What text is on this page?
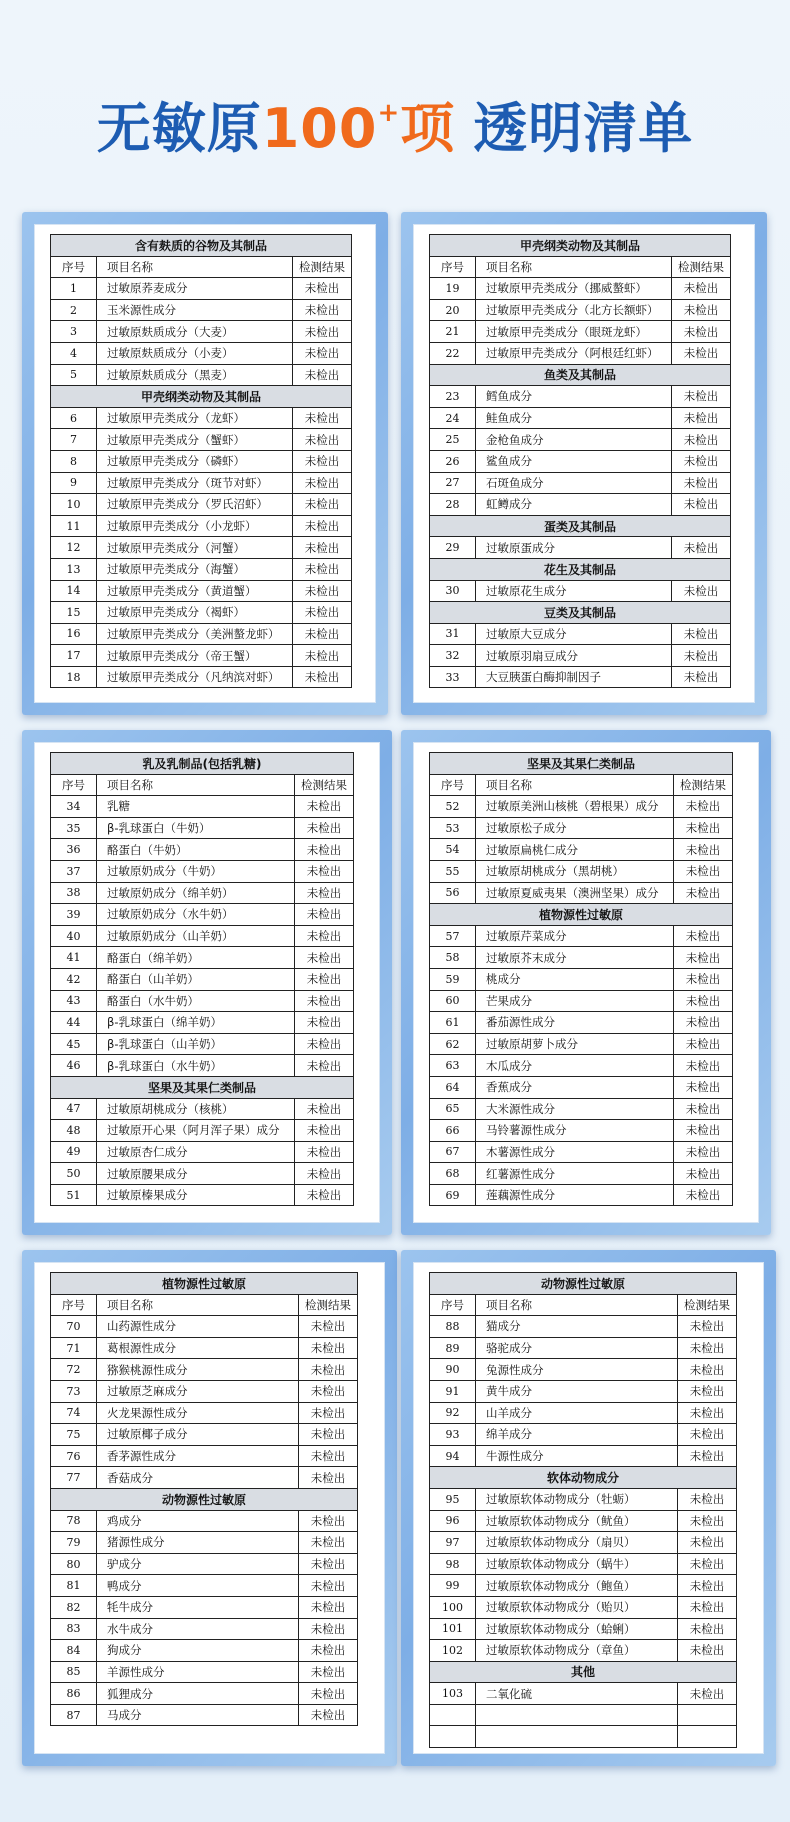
无敏原100+项 透明清单
含有麸质的谷物及其制品		
序号	项目名称	检测结果
1	过敏原荞麦成分	未检出
2	玉米源性成分	未检出
3	过敏原麸质成分（大麦）	未检出
4	过敏原麸质成分（小麦）	未检出
5	过敏原麸质成分（黑麦）	未检出
甲壳纲类动物及其制品		
6	过敏原甲壳类成分（龙虾）	未检出
7	过敏原甲壳类成分（蟹虾）	未检出
8	过敏原甲壳类成分（磷虾）	未检出
9	过敏原甲壳类成分（斑节对虾）	未检出
10	过敏原甲壳类成分（罗氏沼虾）	未检出
11	过敏原甲壳类成分（小龙虾）	未检出
12	过敏原甲壳类成分（河蟹）	未检出
13	过敏原甲壳类成分（海蟹）	未检出
14	过敏原甲壳类成分（黄道蟹）	未检出
15	过敏原甲壳类成分（褐虾）	未检出
16	过敏原甲壳类成分（美洲螯龙虾）	未检出
17	过敏原甲壳类成分（帝王蟹）	未检出
18	过敏原甲壳类成分（凡纳滨对虾）	未检出
甲壳纲类动物及其制品		
序号	项目名称	检测结果
19	过敏原甲壳类成分（挪威螯虾）	未检出
20	过敏原甲壳类成分（北方长额虾）	未检出
21	过敏原甲壳类成分（眼斑龙虾）	未检出
22	过敏原甲壳类成分（阿根廷红虾）	未检出
鱼类及其制品		
23	鳕鱼成分	未检出
24	鲑鱼成分	未检出
25	金枪鱼成分	未检出
26	鲨鱼成分	未检出
27	石斑鱼成分	未检出
28	虹鳟成分	未检出
蛋类及其制品		
29	过敏原蛋成分	未检出
花生及其制品		
30	过敏原花生成分	未检出
豆类及其制品		
31	过敏原大豆成分	未检出
32	过敏原羽扇豆成分	未检出
33	大豆胰蛋白酶抑制因子	未检出
乳及乳制品(包括乳糖)		
序号	项目名称	检测结果
34	乳糖	未检出
35	β-乳球蛋白（牛奶）	未检出
36	酪蛋白（牛奶）	未检出
37	过敏原奶成分（牛奶）	未检出
38	过敏原奶成分（绵羊奶）	未检出
39	过敏原奶成分（水牛奶）	未检出
40	过敏原奶成分（山羊奶）	未检出
41	酪蛋白（绵羊奶）	未检出
42	酪蛋白（山羊奶）	未检出
43	酪蛋白（水牛奶）	未检出
44	β-乳球蛋白（绵羊奶）	未检出
45	β-乳球蛋白（山羊奶）	未检出
46	β-乳球蛋白（水牛奶）	未检出
坚果及其果仁类制品		
47	过敏原胡桃成分（核桃）	未检出
48	过敏原开心果（阿月浑子果）成分	未检出
49	过敏原杏仁成分	未检出
50	过敏原腰果成分	未检出
51	过敏原榛果成分	未检出
坚果及其果仁类制品		
序号	项目名称	检测结果
52	过敏原美洲山核桃（碧根果）成分	未检出
53	过敏原松子成分	未检出
54	过敏原扁桃仁成分	未检出
55	过敏原胡桃成分（黑胡桃）	未检出
56	过敏原夏威夷果（澳洲坚果）成分	未检出
植物源性过敏原		
57	过敏原芹菜成分	未检出
58	过敏原芥末成分	未检出
59	桃成分	未检出
60	芒果成分	未检出
61	番茄源性成分	未检出
62	过敏原胡萝卜成分	未检出
63	木瓜成分	未检出
64	香蕉成分	未检出
65	大米源性成分	未检出
66	马铃薯源性成分	未检出
67	木薯源性成分	未检出
68	红薯源性成分	未检出
69	莲藕源性成分	未检出
植物源性过敏原		
序号	项目名称	检测结果
70	山药源性成分	未检出
71	葛根源性成分	未检出
72	猕猴桃源性成分	未检出
73	过敏原芝麻成分	未检出
74	火龙果源性成分	未检出
75	过敏原椰子成分	未检出
76	香茅源性成分	未检出
77	香菇成分	未检出
动物源性过敏原		
78	鸡成分	未检出
79	猪源性成分	未检出
80	驴成分	未检出
81	鸭成分	未检出
82	牦牛成分	未检出
83	水牛成分	未检出
84	狗成分	未检出
85	羊源性成分	未检出
86	狐狸成分	未检出
87	马成分	未检出
动物源性过敏原		
序号	项目名称	检测结果
88	猫成分	未检出
89	骆驼成分	未检出
90	兔源性成分	未检出
91	黄牛成分	未检出
92	山羊成分	未检出
93	绵羊成分	未检出
94	牛源性成分	未检出
软体动物成分		
95	过敏原软体动物成分（牡蛎）	未检出
96	过敏原软体动物成分（鱿鱼）	未检出
97	过敏原软体动物成分（扇贝）	未检出
98	过敏原软体动物成分（蜗牛）	未检出
99	过敏原软体动物成分（鲍鱼）	未检出
100	过敏原软体动物成分（贻贝）	未检出
101	过敏原软体动物成分（蛤蜊）	未检出
102	过敏原软体动物成分（章鱼）	未检出
其他		
103	二氧化硫	未检出
